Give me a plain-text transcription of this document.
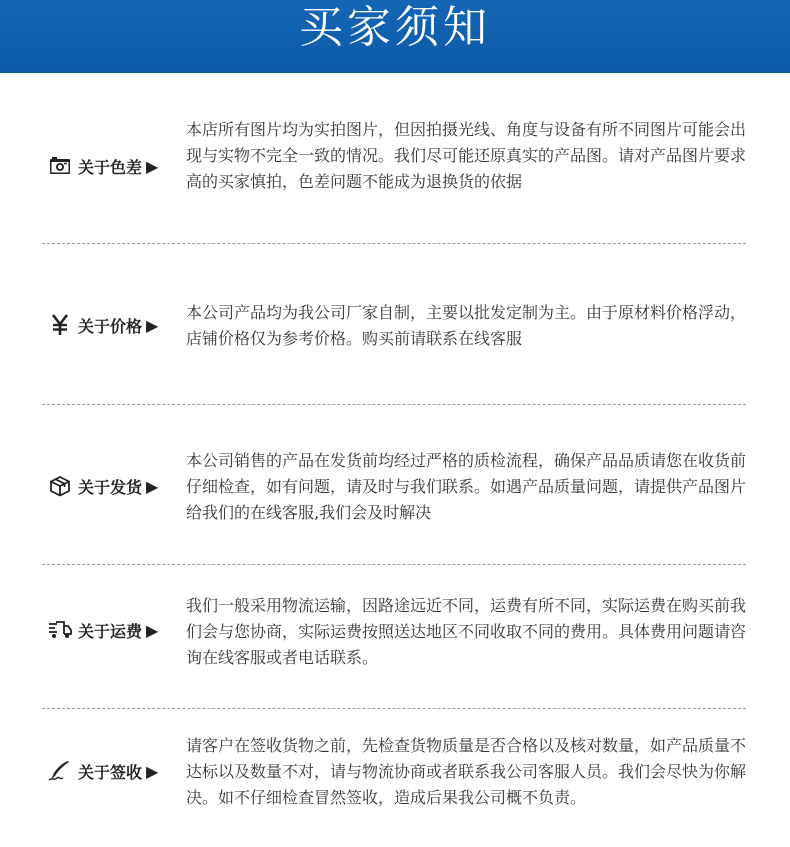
买家须知
关于色差 ▶
本店所有图片均为实拍图片，但因拍摄光线、角度与设备有所不同图片可能会出现与实物不完全一致的情况。我们尽可能还原真实的产品图。请对产品图片要求高的买家慎拍，色差问题不能成为退换货的依据
关于价格 ▶
本公司产品均为我公司厂家自制，主要以批发定制为主。由于原材料价格浮动，店铺价格仅为参考价格。购买前请联系在线客服
关于发货 ▶
本公司销售的产品在发货前均经过严格的质检流程，确保产品品质请您在收货前仔细检查，如有问题，请及时与我们联系。如遇产品质量问题，请提供产品图片给我们的在线客服,我们会及时解决
关于运费 ▶
我们一般采用物流运输，因路途远近不同，运费有所不同，实际运费在购买前我们会与您协商，实际运费按照送达地区不同收取不同的费用。具体费用问题请咨询在线客服或者电话联系。
关于签收 ▶
请客户在签收货物之前，先检查货物质量是否合格以及核对数量，如产品质量不达标以及数量不对，请与物流协商或者联系我公司客服人员。我们会尽快为你解决。如不仔细检查冒然签收，造成后果我公司概不负责。
